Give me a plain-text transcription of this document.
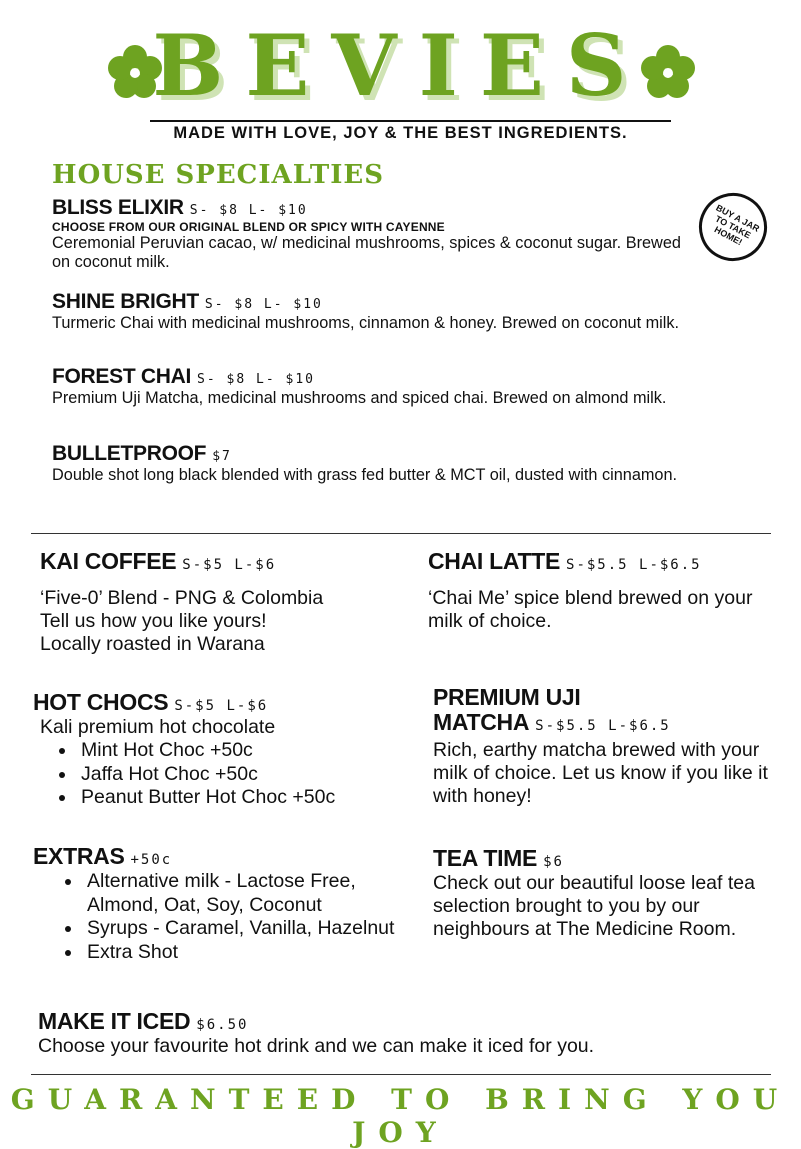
BEVIES
MADE WITH LOVE, JOY & THE BEST INGREDIENTS.
HOUSE SPECIALTIES
BLISS ELIXIR S- $8 L- $10
CHOOSE FROM OUR ORIGINAL BLEND OR SPICY WITH CAYENNE
Ceremonial Peruvian cacao, w/ medicinal mushrooms, spices & coconut sugar. Brewed on coconut milk.
BUY A JAR TO TAKE HOME!
SHINE BRIGHT S- $8 L- $10
Turmeric Chai with medicinal mushrooms, cinnamon & honey. Brewed on coconut milk.
FOREST CHAI S- $8 L- $10
Premium Uji Matcha, medicinal mushrooms and spiced chai. Brewed on almond milk.
BULLETPROOF $7
Double shot long black blended with grass fed butter & MCT oil, dusted with cinnamon.
KAI COFFEE S-$5 L-$6
‘Five-0’ Blend - PNG & Colombia
Tell us how you like yours!
Locally roasted in Warana
HOT CHOCS S-$5 L-$6
Kali premium hot chocolate
• Mint Hot Choc +50c
• Jaffa Hot Choc +50c
• Peanut Butter Hot Choc +50c
EXTRAS +50c
• Alternative milk - Lactose Free, Almond, Oat, Soy, Coconut
• Syrups - Caramel, Vanilla, Hazelnut
• Extra Shot
CHAI LATTE S-$5.5 L-$6.5
‘Chai Me’ spice blend brewed on your milk of choice.
PREMIUM UJI
MATCHA S-$5.5 L-$6.5
Rich, earthy matcha brewed with your milk of choice. Let us know if you like it with honey!
TEA TIME $6
Check out our beautiful loose leaf tea selection brought to you by our neighbours at The Medicine Room.
MAKE IT ICED $6.50
Choose your favourite hot drink and we can make it iced for you.
GUARANTEED TO BRING YOU JOY
